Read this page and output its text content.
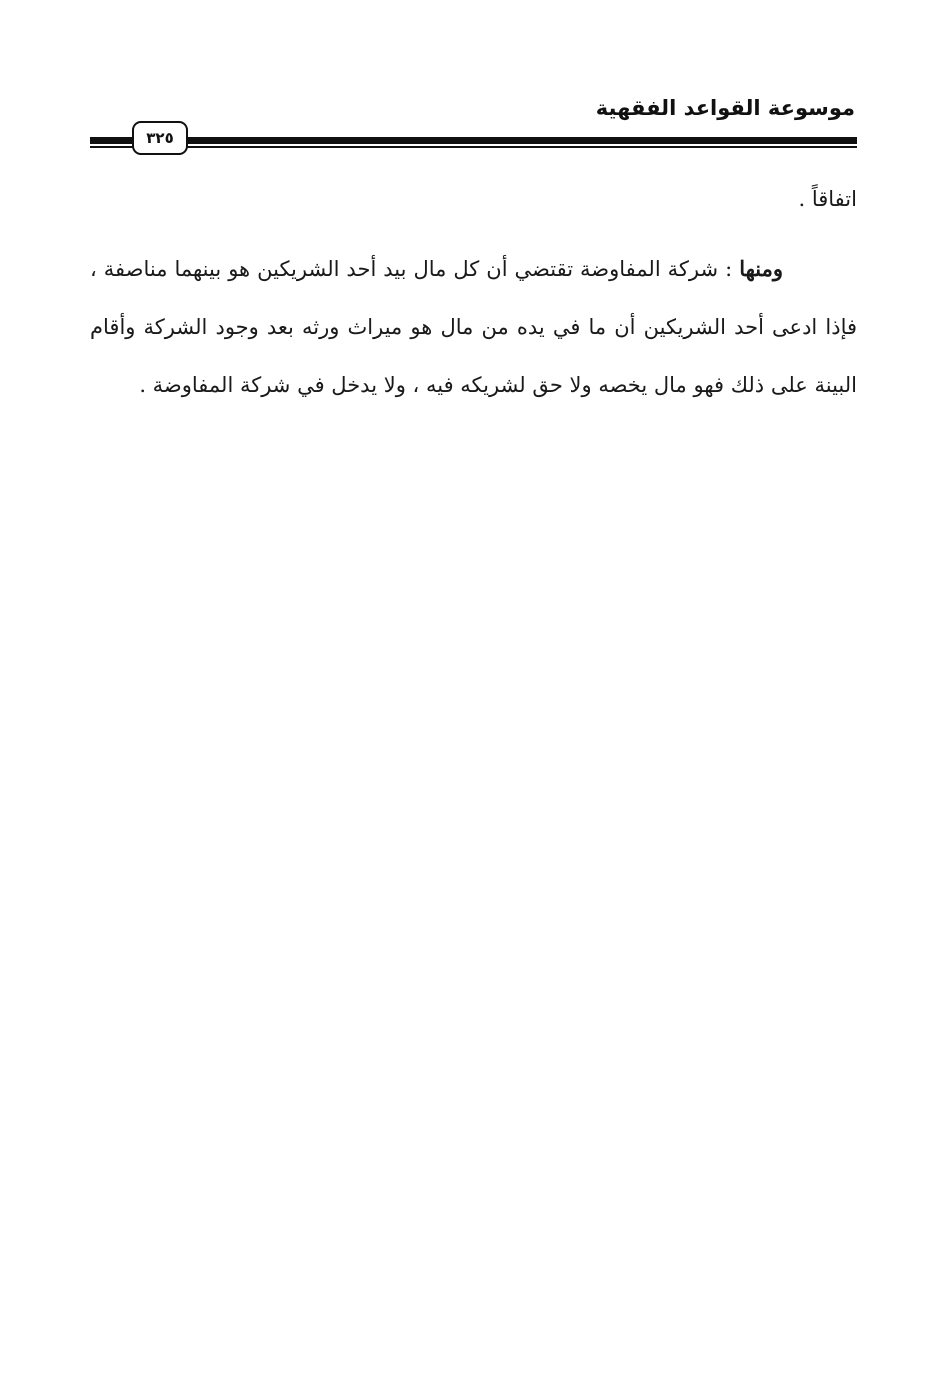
موسوعة القواعد الفقهية
٣٢٥

اتفاقاً .

ومنها : شركة المفاوضة تقتضي أن كل مال بيد أحد الشريكين هو بينهما مناصفة ، فإذا ادعى أحد الشريكين أن ما في يده من مال هو ميراث ورثه بعد وجود الشركة وأقام البينة على ذلك فهو مال يخصه ولا حق لشريكه فيه ، ولا يدخل في شركة المفاوضة .
